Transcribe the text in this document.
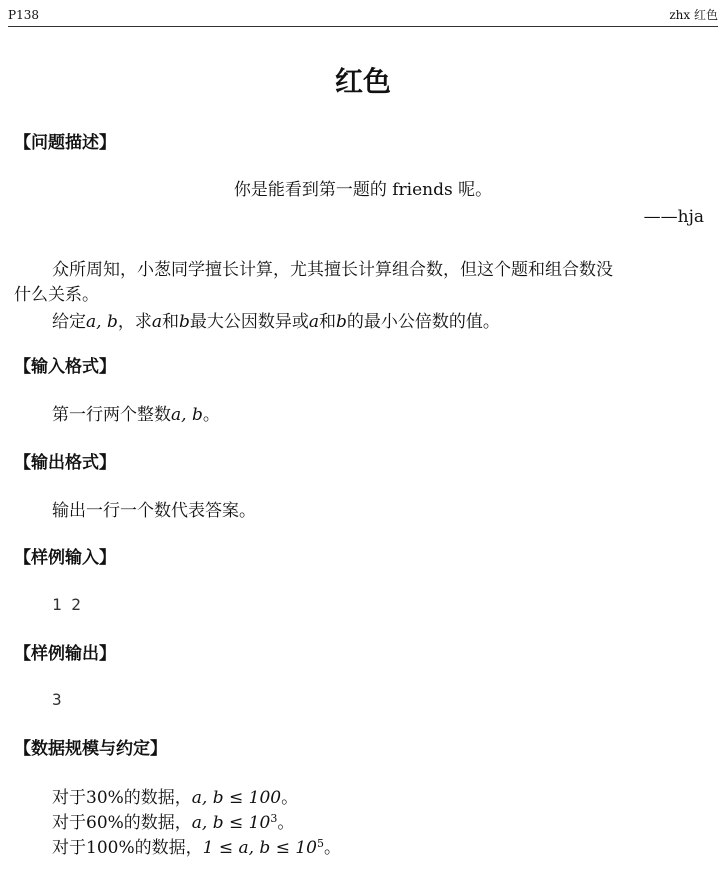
P138	zhx 红色
红色
【问题描述】
你是能看到第一题的 friends 呢。
——hja
众所周知，小葱同学擅长计算，尤其擅长计算组合数，但这个题和组合数没
什么关系。
给定a, b，求a和b最大公因数异或a和b的最小公倍数的值。
【输入格式】
第一行两个整数a, b。
【输出格式】
输出一行一个数代表答案。
【样例输入】
1 2
【样例输出】
3
【数据规模与约定】
对于30%的数据，a, b ≤ 100。
对于60%的数据，a, $b \le 10^3$。
对于100%的数据，1 ≤ a, $b \le 10^5$。
